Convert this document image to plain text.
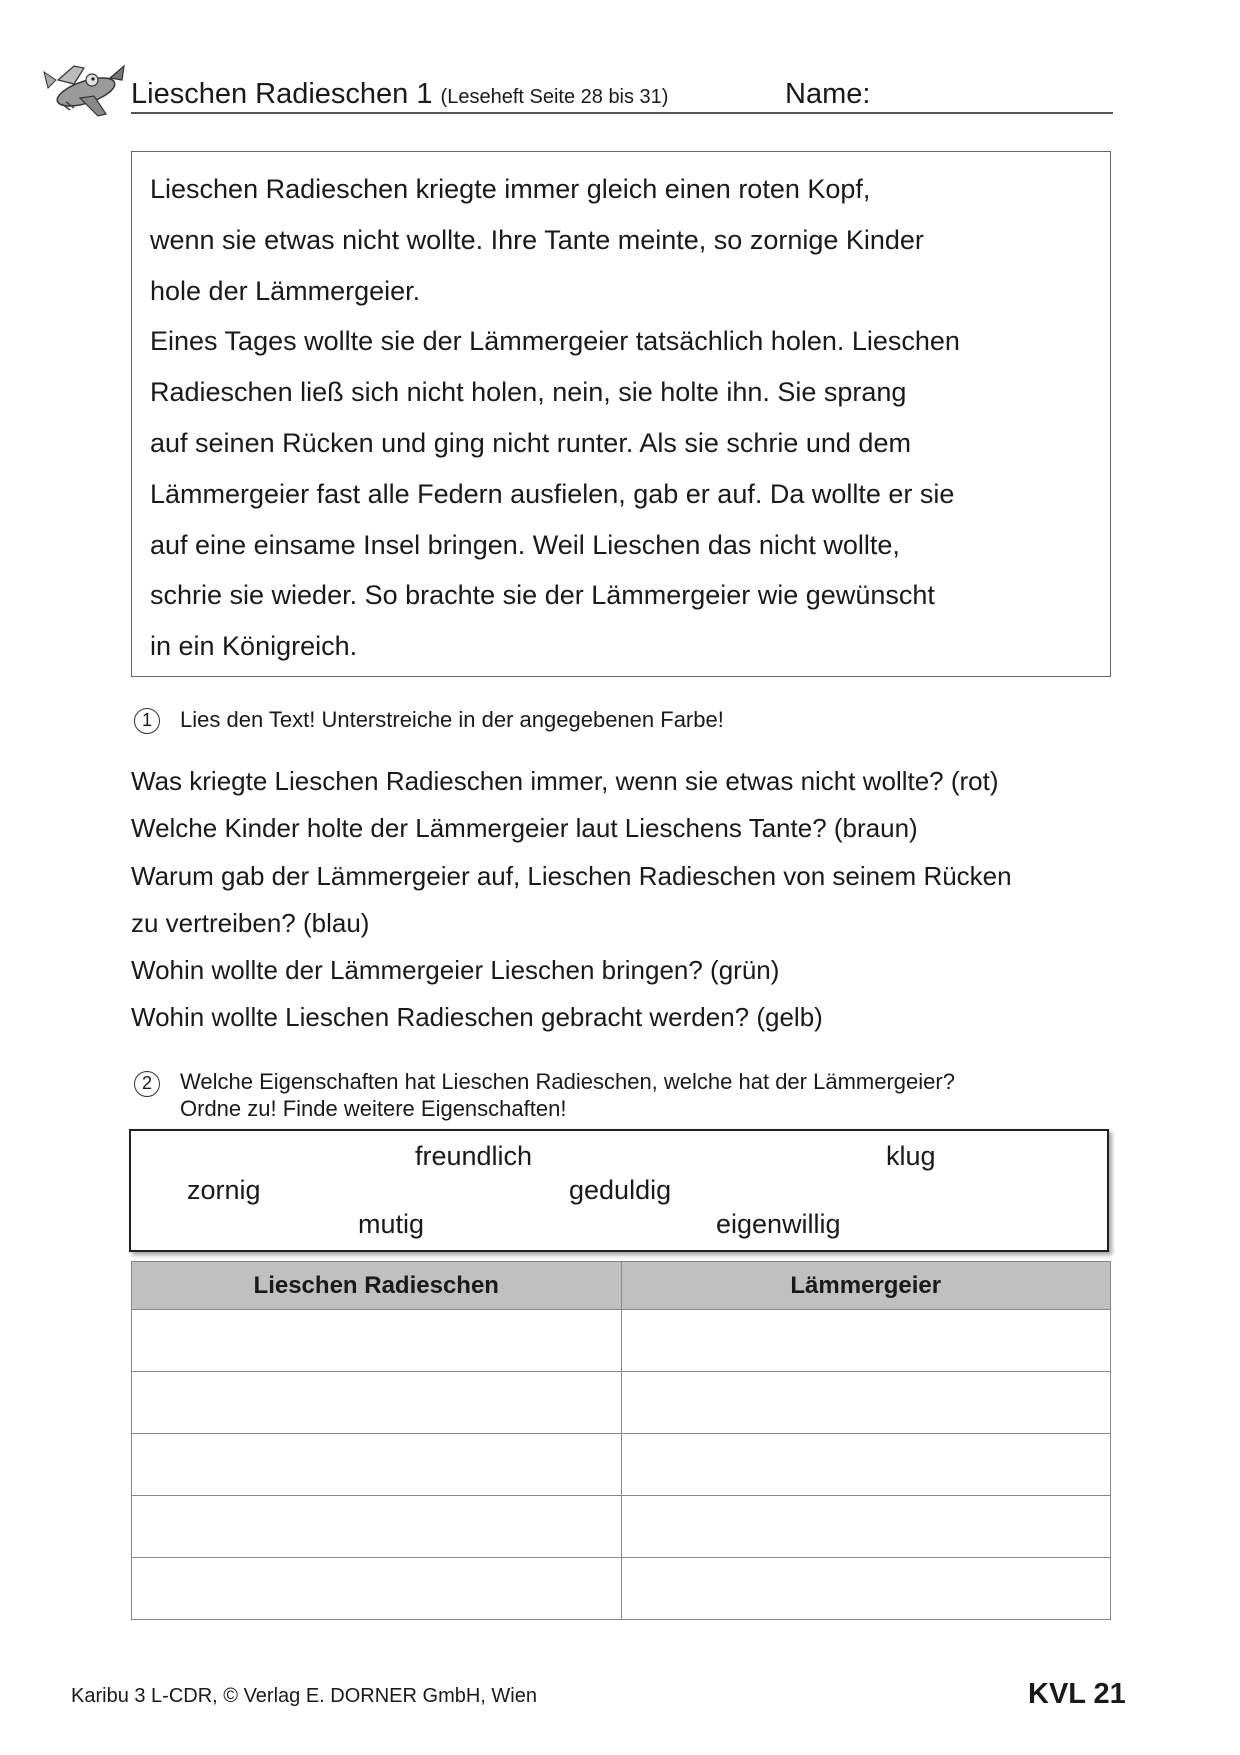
Lieschen Radieschen 1 (Leseheft Seite 28 bis 31)	Name:
Lieschen Radieschen kriegte immer gleich einen roten Kopf,
wenn sie etwas nicht wollte. Ihre Tante meinte, so zornige Kinder
hole der Lämmergeier.
Eines Tages wollte sie der Lämmergeier tatsächlich holen. Lieschen
Radieschen ließ sich nicht holen, nein, sie holte ihn. Sie sprang
auf seinen Rücken und ging nicht runter. Als sie schrie und dem
Lämmergeier fast alle Federn ausfielen, gab er auf. Da wollte er sie
auf eine einsame Insel bringen. Weil Lieschen das nicht wollte,
schrie sie wieder. So brachte sie der Lämmergeier wie gewünscht
in ein Königreich.
1	Lies den Text! Unterstreiche in der angegebenen Farbe!
Was kriegte Lieschen Radieschen immer, wenn sie etwas nicht wollte? (rot)
Welche Kinder holte der Lämmergeier laut Lieschens Tante? (braun)
Warum gab der Lämmergeier auf, Lieschen Radieschen von seinem Rücken
zu vertreiben? (blau)
Wohin wollte der Lämmergeier Lieschen bringen? (grün)
Wohin wollte Lieschen Radieschen gebracht werden? (gelb)
2	Welche Eigenschaften hat Lieschen Radieschen, welche hat der Lämmergeier?
Ordne zu! Finde weitere Eigenschaften!
freundlich	klug
zornig	geduldig
mutig	eigenwillig
Lieschen Radieschen	Lämmergeier

Karibu 3 L-CDR, © Verlag E. DORNER GmbH, Wien	KVL 21
